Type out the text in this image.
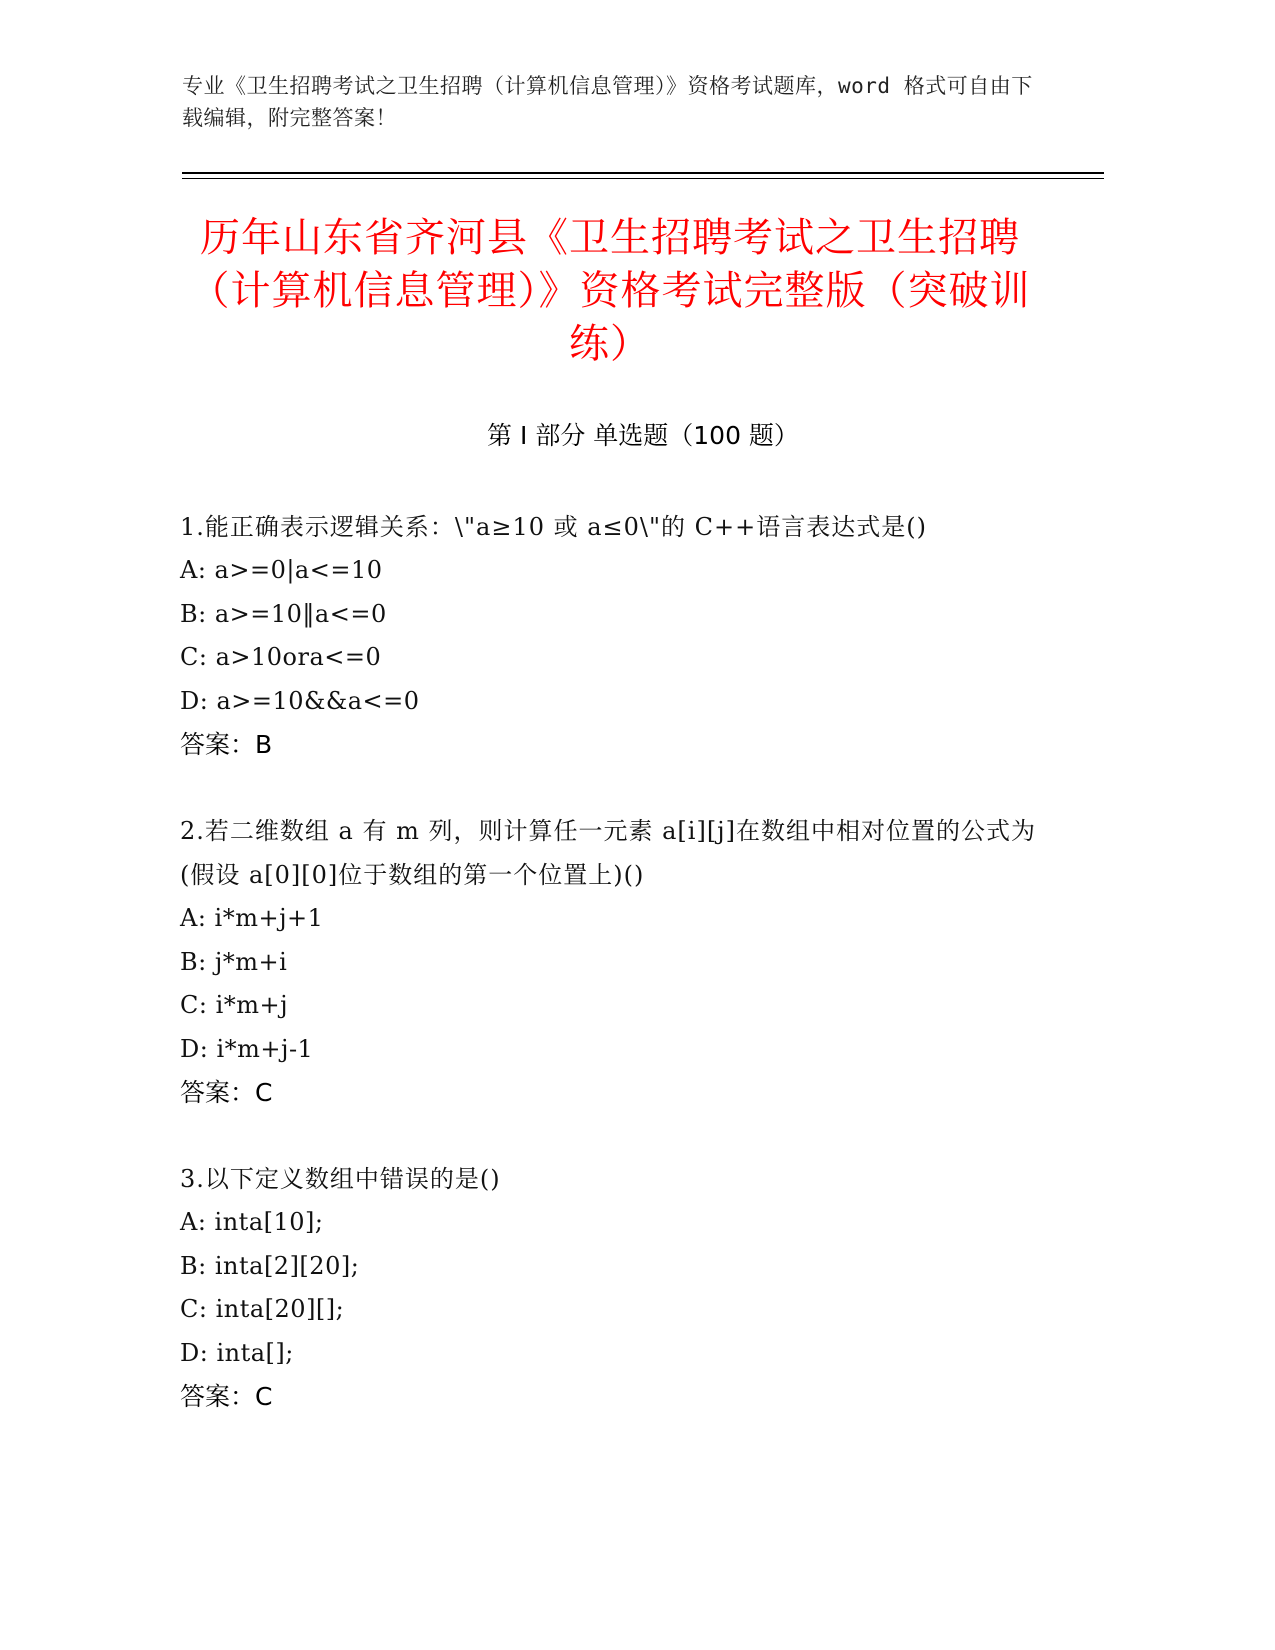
专业《卫生招聘考试之卫生招聘（计算机信息管理）》资格考试题库，word 格式可自由下载编辑，附完整答案！
历年山东省齐河县《卫生招聘考试之卫生招聘（计算机信息管理）》资格考试完整版（突破训练）
第 I 部分 单选题（100 题）
1.能正确表示逻辑关系：\"a≥10 或 a≤0\"的 C++语言表达式是()
A: a>=0|a<=10
B: a>=10‖a<=0
C: a>10ora<=0
D: a>=10&&a<=0
答案：B
2.若二维数组 a 有 m 列，则计算任一元素 a[i][j]在数组中相对位置的公式为(假设 a[0][0]位于数组的第一个位置上)()
A: i*m+j+1
B: j*m+i
C: i*m+j
D: i*m+j-1
答案：C
3.以下定义数组中错误的是()
A: inta[10];
B: inta[2][20];
C: inta[20][];
D: inta[];
答案：C
